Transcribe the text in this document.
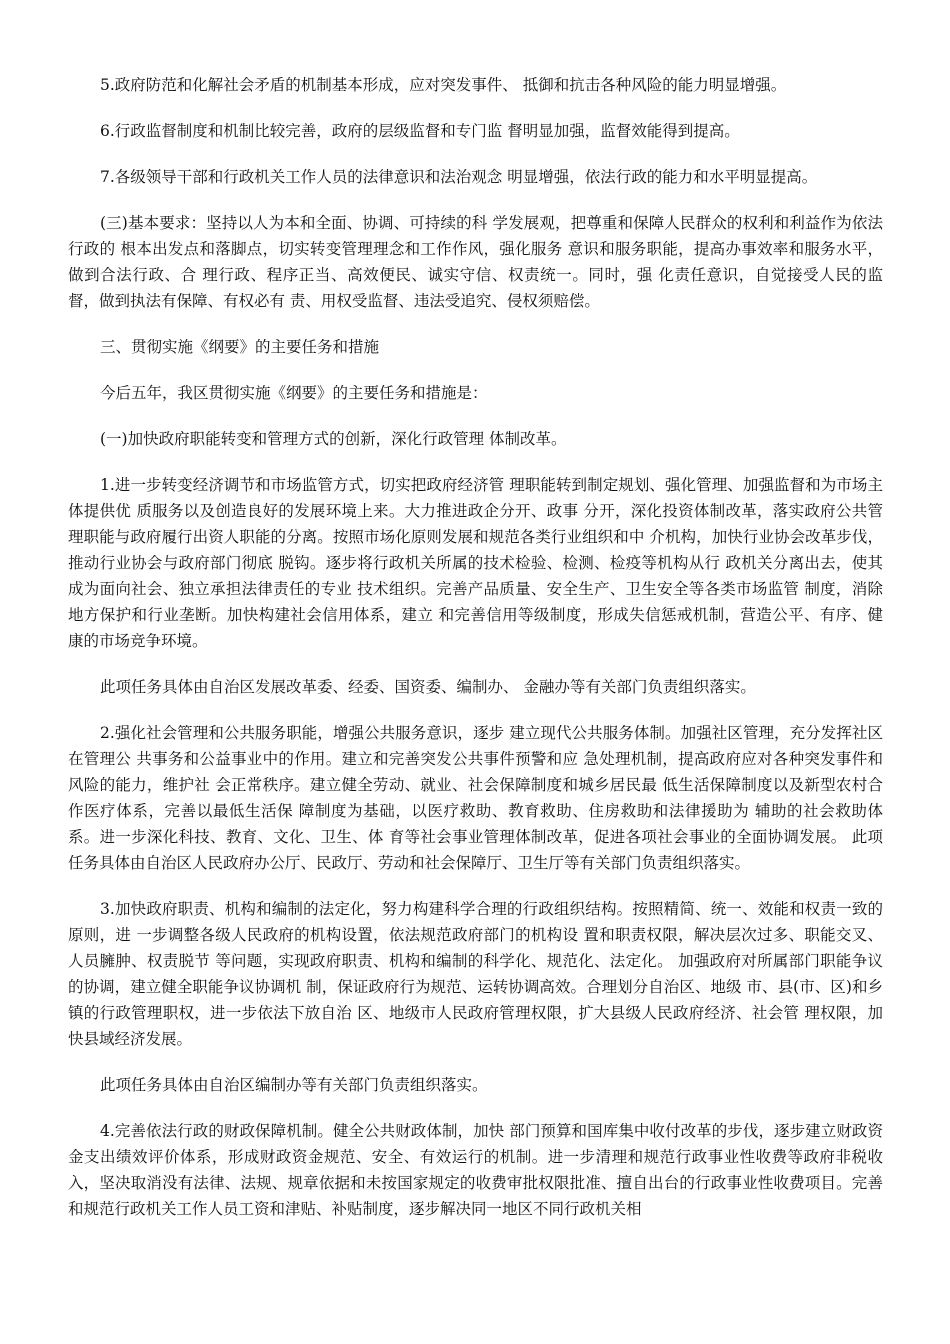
5.政府防范和化解社会矛盾的机制基本形成，应对突发事件、 抵御和抗击各种风险的能力明显增强。

6.行政监督制度和机制比较完善，政府的层级监督和专门监 督明显加强，监督效能得到提高。

7.各级领导干部和行政机关工作人员的法律意识和法治观念 明显增强，依法行政的能力和水平明显提高。

(三)基本要求：坚持以人为本和全面、协调、可持续的科 学发展观，把尊重和保障人民群众的权利和利益作为依法行政的 根本出发点和落脚点，切实转变管理理念和工作作风，强化服务 意识和服务职能，提高办事效率和服务水平，做到合法行政、合 理行政、程序正当、高效便民、诚实守信、权责统一。同时，强 化责任意识，自觉接受人民的监督，做到执法有保障、有权必有 责、用权受监督、违法受追究、侵权须赔偿。

三、贯彻实施《纲要》的主要任务和措施

今后五年，我区贯彻实施《纲要》的主要任务和措施是：

(一)加快政府职能转变和管理方式的创新，深化行政管理 体制改革。

1.进一步转变经济调节和市场监管方式，切实把政府经济管 理职能转到制定规划、强化管理、加强监督和为市场主体提供优 质服务以及创造良好的发展环境上来。大力推进政企分开、政事 分开，深化投资体制改革，落实政府公共管理职能与政府履行出资人职能的分离。按照市场化原则发展和规范各类行业组织和中 介机构，加快行业协会改革步伐，推动行业协会与政府部门彻底 脱钩。逐步将行政机关所属的技术检验、检测、检疫等机构从行 政机关分离出去，使其成为面向社会、独立承担法律责任的专业 技术组织。完善产品质量、安全生产、卫生安全等各类市场监管 制度，消除地方保护和行业垄断。加快构建社会信用体系，建立 和完善信用等级制度，形成失信惩戒机制，营造公平、有序、健 康的市场竞争环境。

此项任务具体由自治区发展改革委、经委、国资委、编制办、 金融办等有关部门负责组织落实。

2.强化社会管理和公共服务职能，增强公共服务意识，逐步 建立现代公共服务体制。加强社区管理，充分发挥社区在管理公 共事务和公益事业中的作用。建立和完善突发公共事件预警和应 急处理机制，提高政府应对各种突发事件和风险的能力，维护社 会正常秩序。建立健全劳动、就业、社会保障制度和城乡居民最 低生活保障制度以及新型农村合作医疗体系，完善以最低生活保 障制度为基础，以医疗救助、教育救助、住房救助和法律援助为 辅助的社会救助体系。进一步深化科技、教育、文化、卫生、体 育等社会事业管理体制改革，促进各项社会事业的全面协调发展。 此项任务具体由自治区人民政府办公厅、民政厅、劳动和社会保障厅、卫生厅等有关部门负责组织落实。

3.加快政府职责、机构和编制的法定化，努力构建科学合理的行政组织结构。按照精简、统一、效能和权责一致的原则，进 一步调整各级人民政府的机构设置，依法规范政府部门的机构设 置和职责权限，解决层次过多、职能交叉、人员臃肿、权责脱节 等问题，实现政府职责、机构和编制的科学化、规范化、法定化。 加强政府对所属部门职能争议的协调，建立健全职能争议协调机 制，保证政府行为规范、运转协调高效。合理划分自治区、地级 市、县(市、区)和乡镇的行政管理职权，进一步依法下放自治 区、地级市人民政府管理权限，扩大县级人民政府经济、社会管 理权限，加快县域经济发展。

此项任务具体由自治区编制办等有关部门负责组织落实。

4.完善依法行政的财政保障机制。健全公共财政体制，加快 部门预算和国库集中收付改革的步伐，逐步建立财政资金支出绩效评价体系，形成财政资金规范、安全、有效运行的机制。进一步清理和规范行政事业性收费等政府非税收入，坚决取消没有法律、法规、规章依据和未按国家规定的收费审批权限批准、擅自出台的行政事业性收费项目。完善和规范行政机关工作人员工资和津贴、补贴制度，逐步解决同一地区不同行政机关相
